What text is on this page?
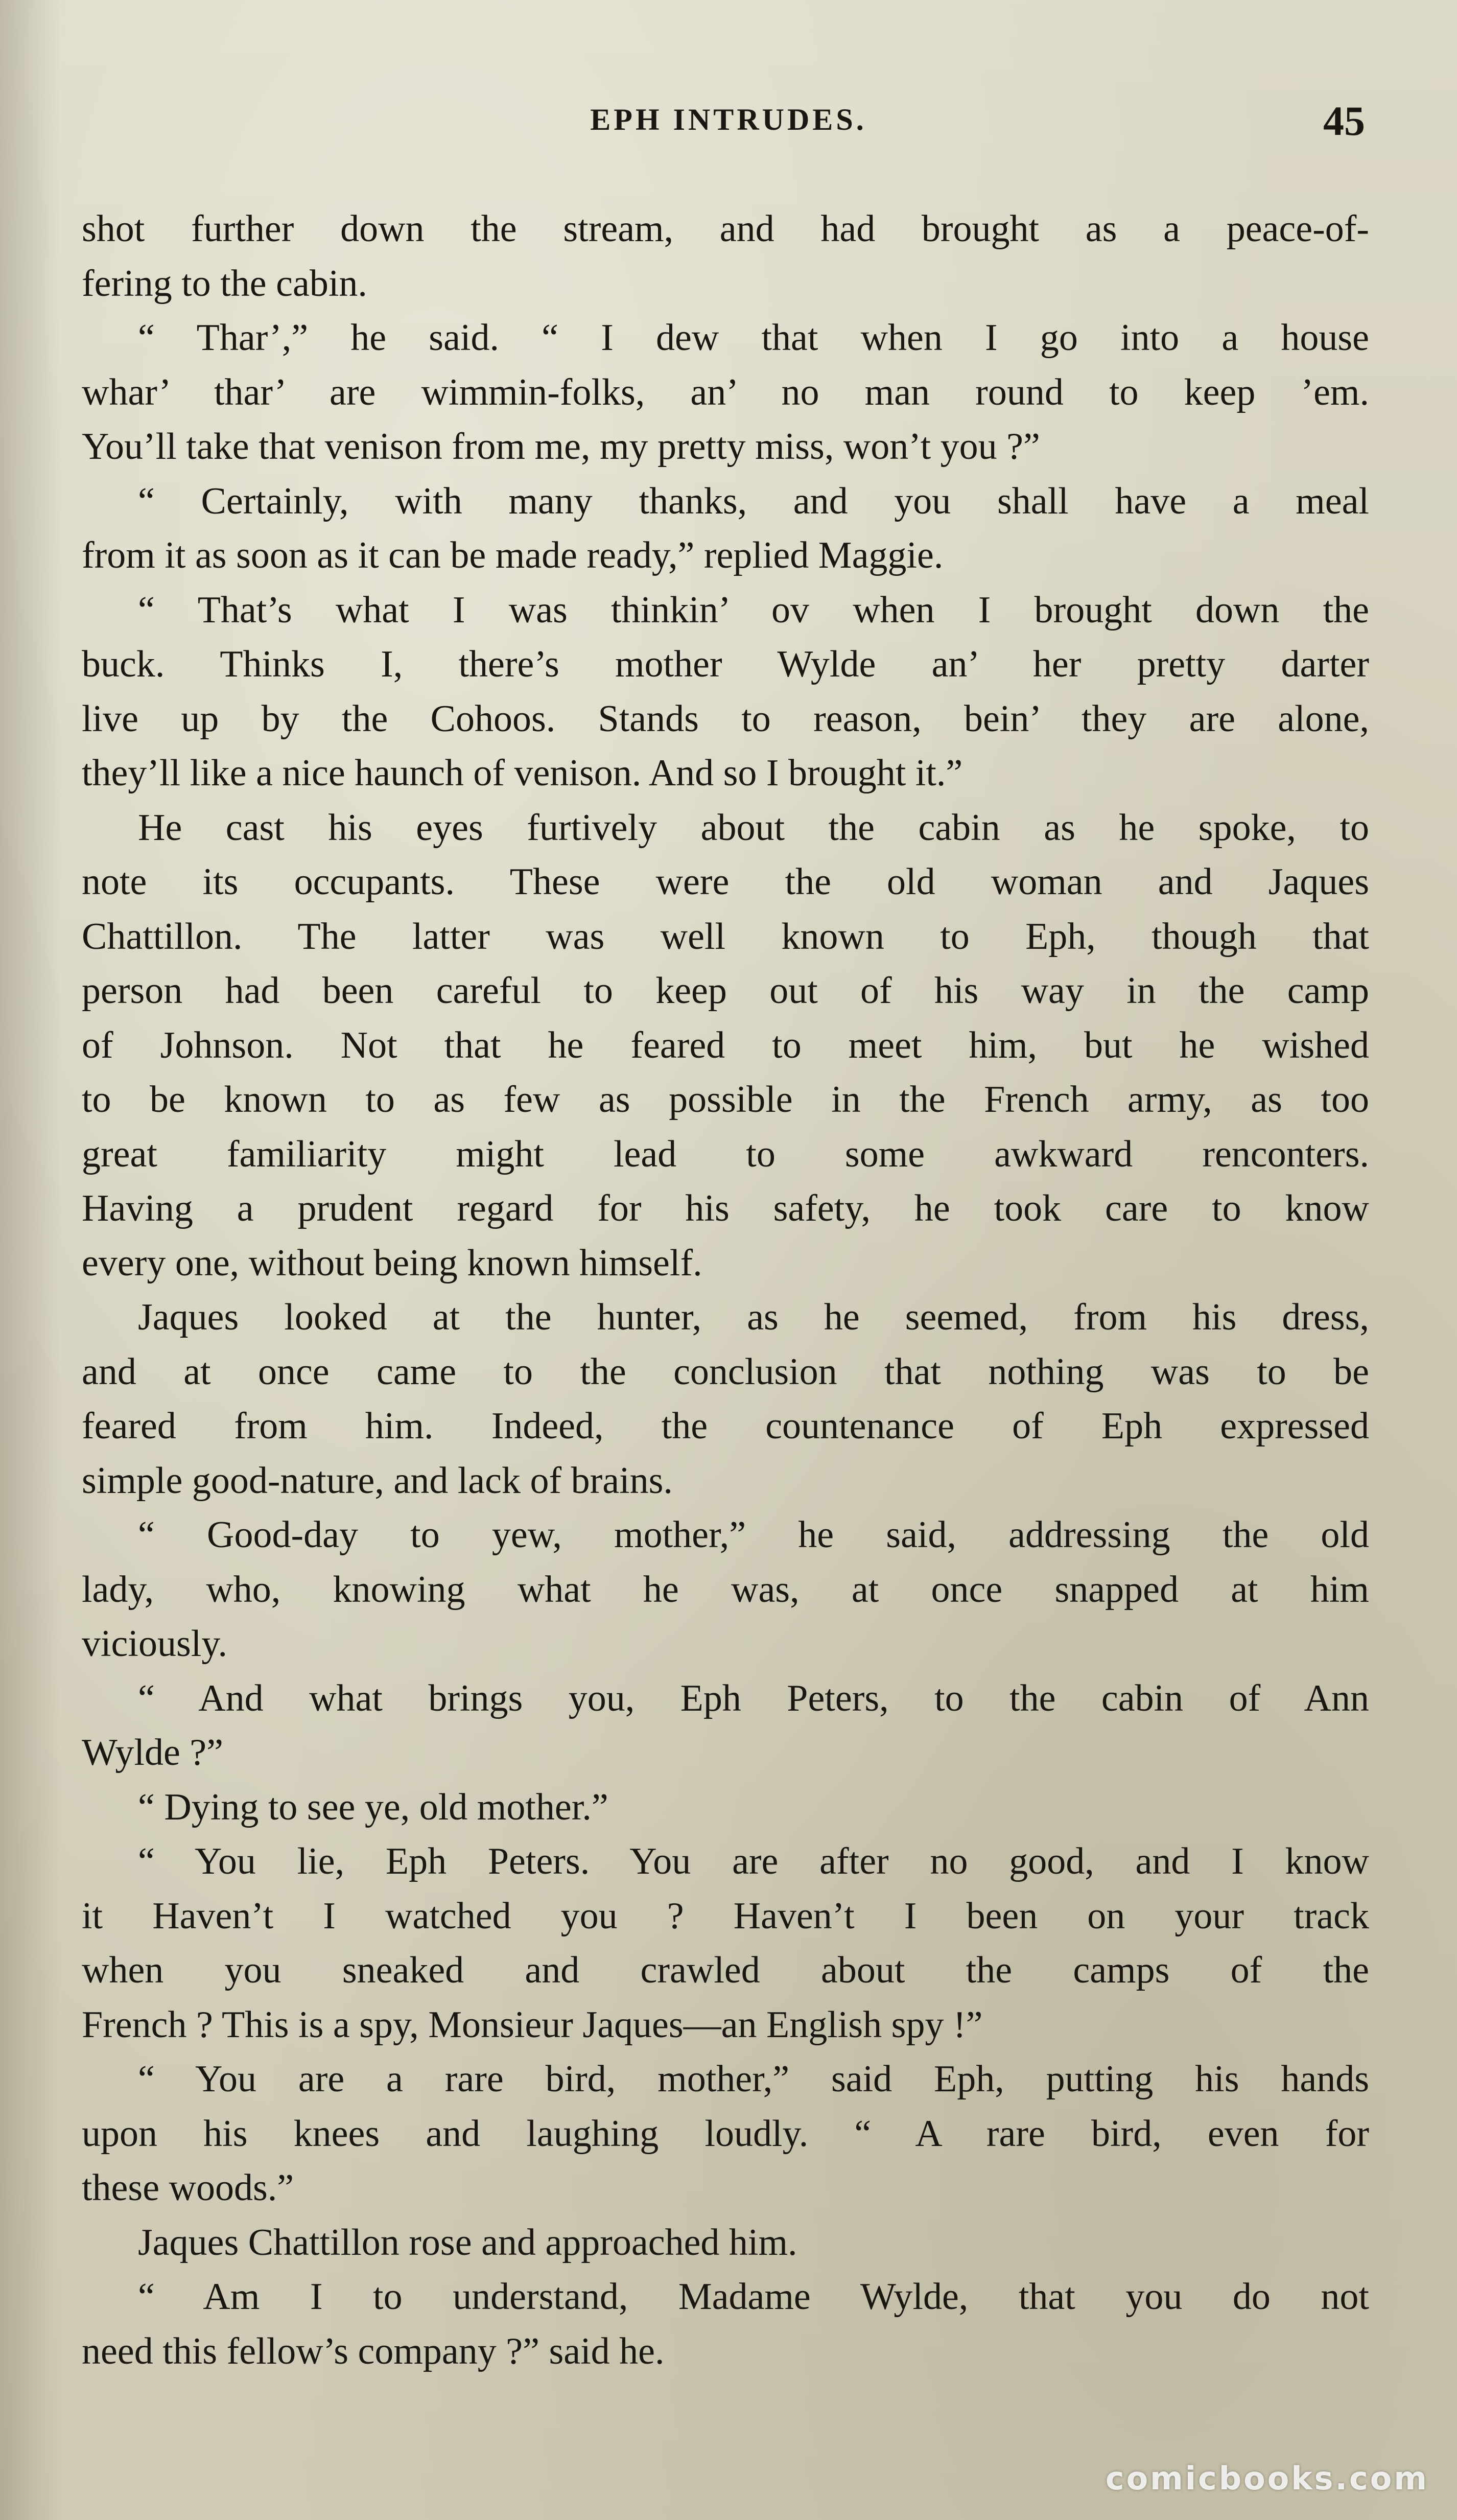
EPH INTRUDES.	45
shot further down the stream, and had brought as a peace-of-
fering to the cabin.
“ Thar’,” he said. “ I dew that when I go into a house
whar’ thar’ are wimmin-folks, an’ no man round to keep ’em.
You’ll take that venison from me, my pretty miss, won’t you ?”
“ Certainly, with many thanks, and you shall have a meal
from it as soon as it can be made ready,” replied Maggie.
“ That’s what I was thinkin’ ov when I brought down the
buck. Thinks I, there’s mother Wylde an’ her pretty darter
live up by the Cohoos. Stands to reason, bein’ they are alone,
they’ll like a nice haunch of venison. And so I brought it.”
He cast his eyes furtively about the cabin as he spoke, to
note its occupants. These were the old woman and Jaques
Chattillon. The latter was well known to Eph, though that
person had been careful to keep out of his way in the camp
of Johnson. Not that he feared to meet him, but he wished
to be known to as few as possible in the French army, as too
great familiarity might lead to some awkward renconters.
Having a prudent regard for his safety, he took care to know
every one, without being known himself.
Jaques looked at the hunter, as he seemed, from his dress,
and at once came to the conclusion that nothing was to be
feared from him. Indeed, the countenance of Eph expressed
simple good-nature, and lack of brains.
“ Good-day to yew, mother,” he said, addressing the old
lady, who, knowing what he was, at once snapped at him
viciously.
“ And what brings you, Eph Peters, to the cabin of Ann
Wylde ?”
“ Dying to see ye, old mother.”
“ You lie, Eph Peters. You are after no good, and I know
it Haven’t I watched you ? Haven’t I been on your track
when you sneaked and crawled about the camps of the
French ? This is a spy, Monsieur Jaques—an English spy !”
“ You are a rare bird, mother,” said Eph, putting his hands
upon his knees and laughing loudly. “ A rare bird, even for
these woods.”
Jaques Chattillon rose and approached him.
“ Am I to understand, Madame Wylde, that you do not
need this fellow’s company ?” said he.
comicbooks.com
